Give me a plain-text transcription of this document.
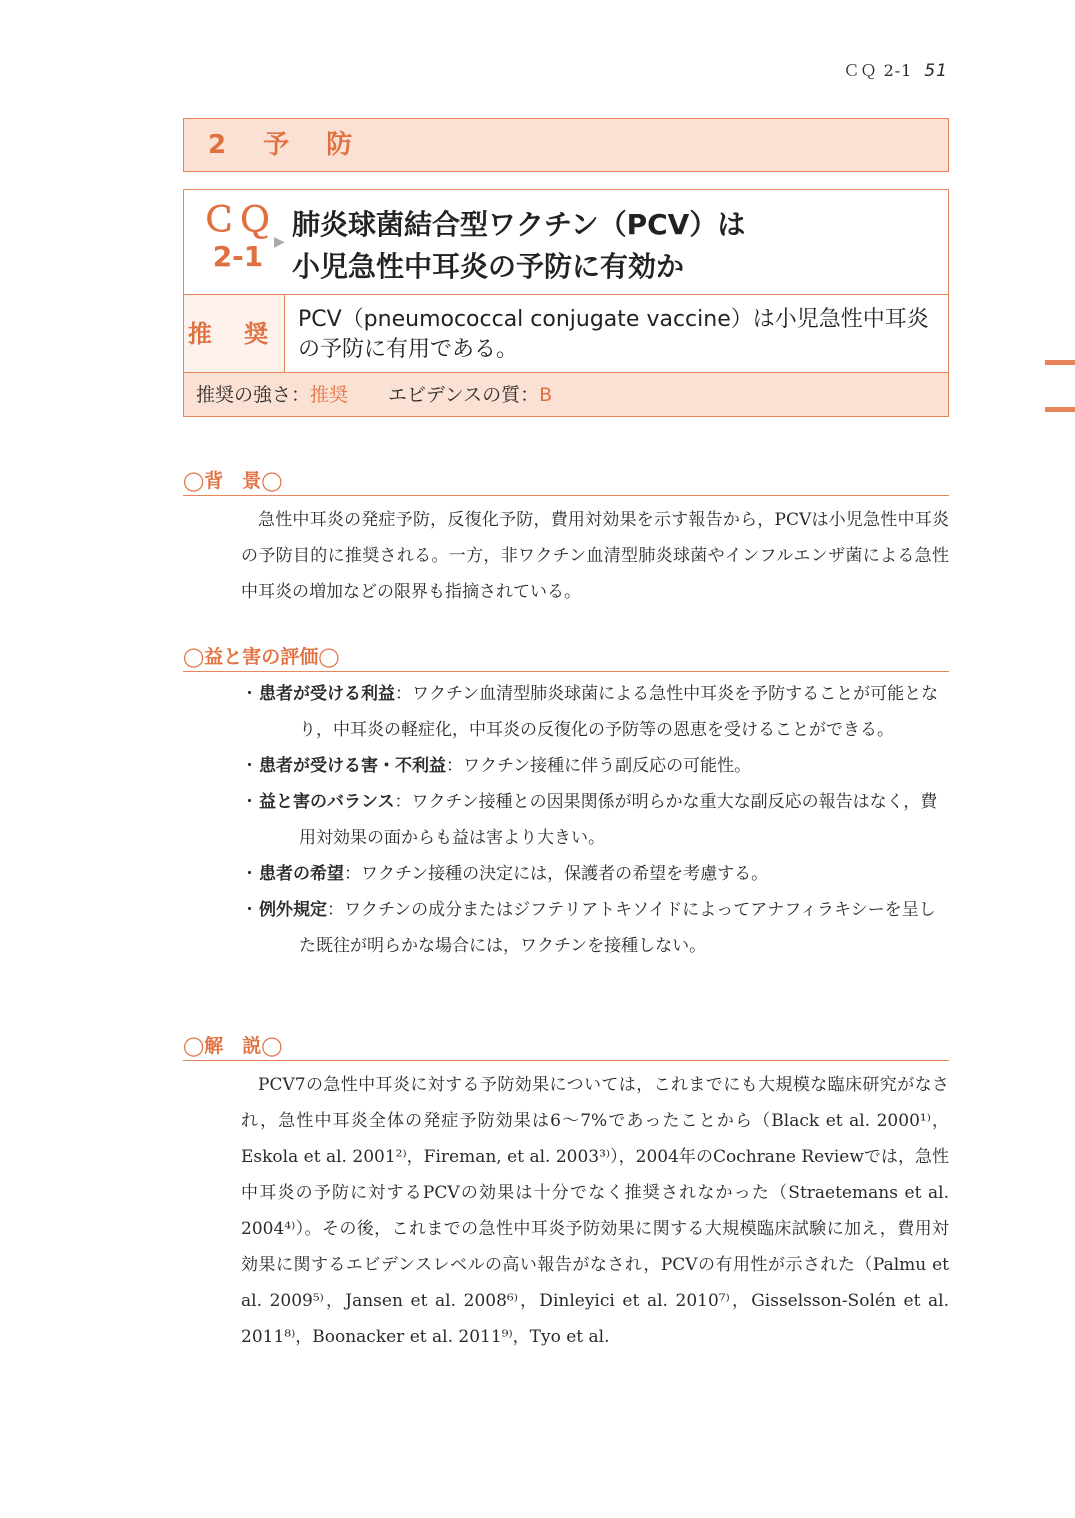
ＣＱ 2-1 51
2 予 防
ＣＱ
2-1 ▶
肺炎球菌結合型ワクチン（PCV）は
小児急性中耳炎の予防に有効か
推 奨
PCV（pneumococcal conjugate vaccine）は小児急性中耳炎の予防に有用である。
推奨の強さ：推奨 エビデンスの質：B
◯背　景◯

急性中耳炎の発症予防，反復化予防，費用対効果を示す報告から，PCVは小児急性中耳炎の予防目的に推奨される。一方，非ワクチン血清型肺炎球菌やインフルエンザ菌による急性中耳炎の増加などの限界も指摘されている。

◯益と害の評価◯
・患者が受ける利益：ワクチン血清型肺炎球菌による急性中耳炎を予防することが可能となり，中耳炎の軽症化，中耳炎の反復化の予防等の恩恵を受けることができる。
・患者が受ける害・不利益：ワクチン接種に伴う副反応の可能性。
・益と害のバランス：ワクチン接種との因果関係が明らかな重大な副反応の報告はなく，費用対効果の面からも益は害より大きい。
・患者の希望：ワクチン接種の決定には，保護者の希望を考慮する。
・例外規定：ワクチンの成分またはジフテリアトキソイドによってアナフィラキシーを呈した既往が明らかな場合には，ワクチンを接種しない。
◯解　説◯

PCV7の急性中耳炎に対する予防効果については，これまでにも大規模な臨床研究がなされ，急性中耳炎全体の発症予防効果は6～7%であったことから（Black et al. 2000¹⁾，Eskola et al. 2001²⁾，Fireman, et al. 2003³⁾），2004年のCochrane Reviewでは，急性中耳炎の予防に対するPCVの効果は十分でなく推奨されなかった（Straetemans et al. 2004⁴⁾）。その後，これまでの急性中耳炎予防効果に関する大規模臨床試験に加え，費用対効果に関するエビデンスレベルの高い報告がなされ，PCVの有用性が示された（Palmu et al. 2009⁵⁾，Jansen et al. 2008⁶⁾，Dinleyici et al. 2010⁷⁾，Gisselsson-Solén et al. 2011⁸⁾，Boonacker et al. 2011⁹⁾，Tyo et al.
